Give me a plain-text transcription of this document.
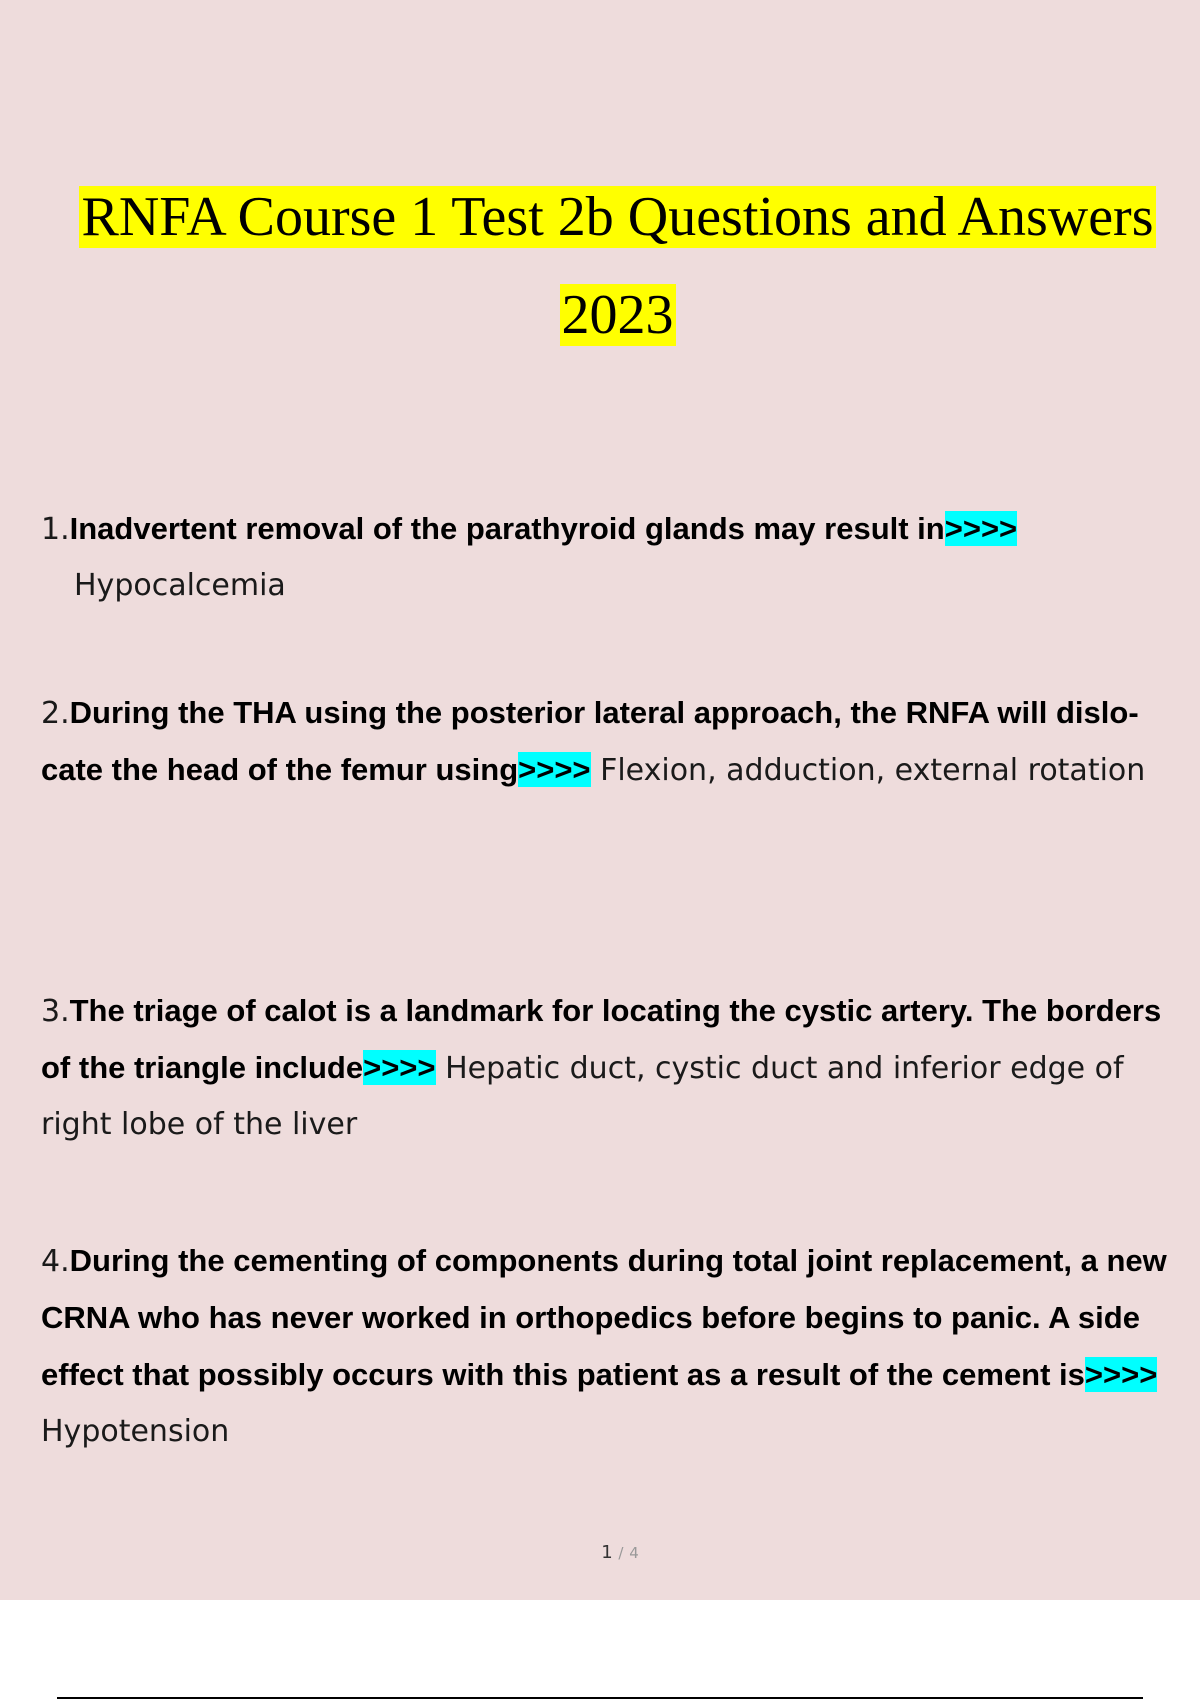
RNFA Course 1 Test 2b Questions and Answers
2023
1.Inadvertent removal of the parathyroid glands may result in>>>> Hypocalcemia
2.During the THA using the posterior lateral approach, the RNFA will dislo- cate the head of the femur using>>>> Flexion, adduction, external rotation
3.The triage of calot is a landmark for locating the cystic artery. The borders of the triangle include>>>> Hepatic duct, cystic duct and inferior edge of right lobe of the liver
4.During the cementing of components during total joint replacement, a new CRNA who has never worked in orthopedics before begins to panic. A side effect that possibly occurs with this patient as a result of the cement is>>>> Hypotension
1 / 4
